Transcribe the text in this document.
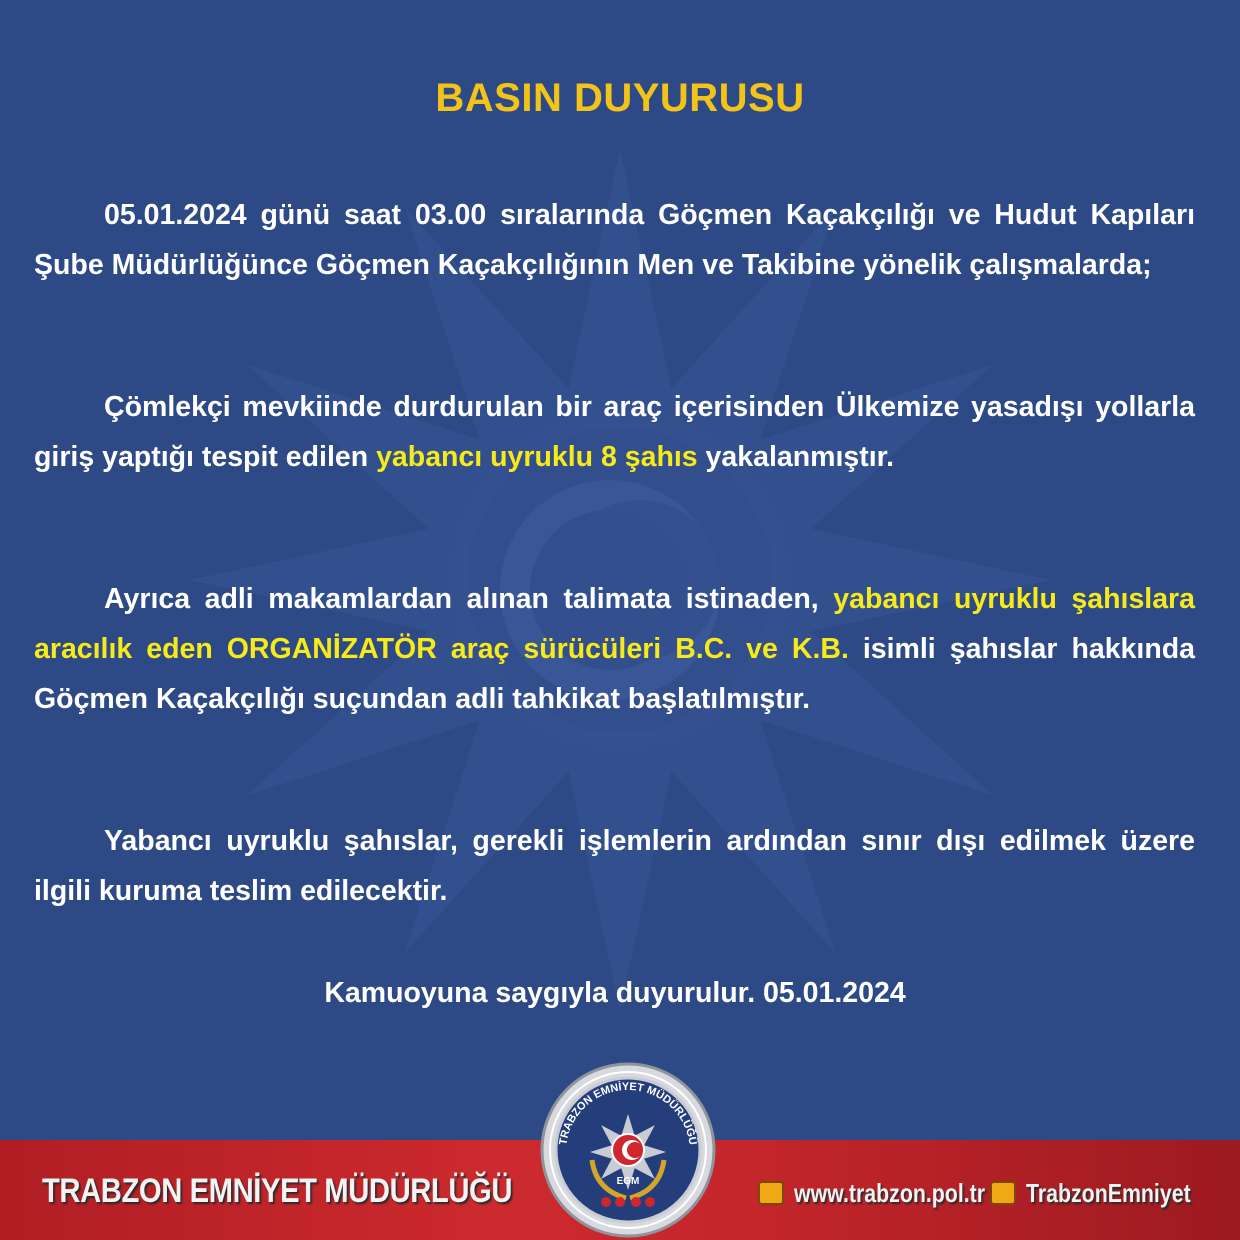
BASIN DUYURUSU
05.01.2024 günü saat 03.00 sıralarında Göçmen Kaçakçılığı ve Hudut Kapıları Şube Müdürlüğünce Göçmen Kaçakçılığının Men ve Takibine yönelik çalışmalarda;
Çömlekçi mevkiinde durdurulan bir araç içerisinden Ülkemize yasadışı yollarla giriş yaptığı tespit edilen yabancı uyruklu 8 şahıs yakalanmıştır.
Ayrıca adli makamlardan alınan talimata istinaden, yabancı uyruklu şahıslara aracılık eden ORGANİZATÖR araç sürücüleri B.C. ve K.B. isimli şahıslar hakkında Göçmen Kaçakçılığı suçundan adli tahkikat başlatılmıştır.
Yabancı uyruklu şahıslar, gerekli işlemlerin ardından sınır dışı edilmek üzere ilgili kuruma teslim edilecektir.
Kamuoyuna saygıyla duyurulur. 05.01.2024
TRABZON EMNİYET MÜDÜRLÜĞÜ	www.trabzon.pol.tr TrabzonEmniyet
TRABZON EMNİYET MÜDÜRLÜĞÜ
EGM
